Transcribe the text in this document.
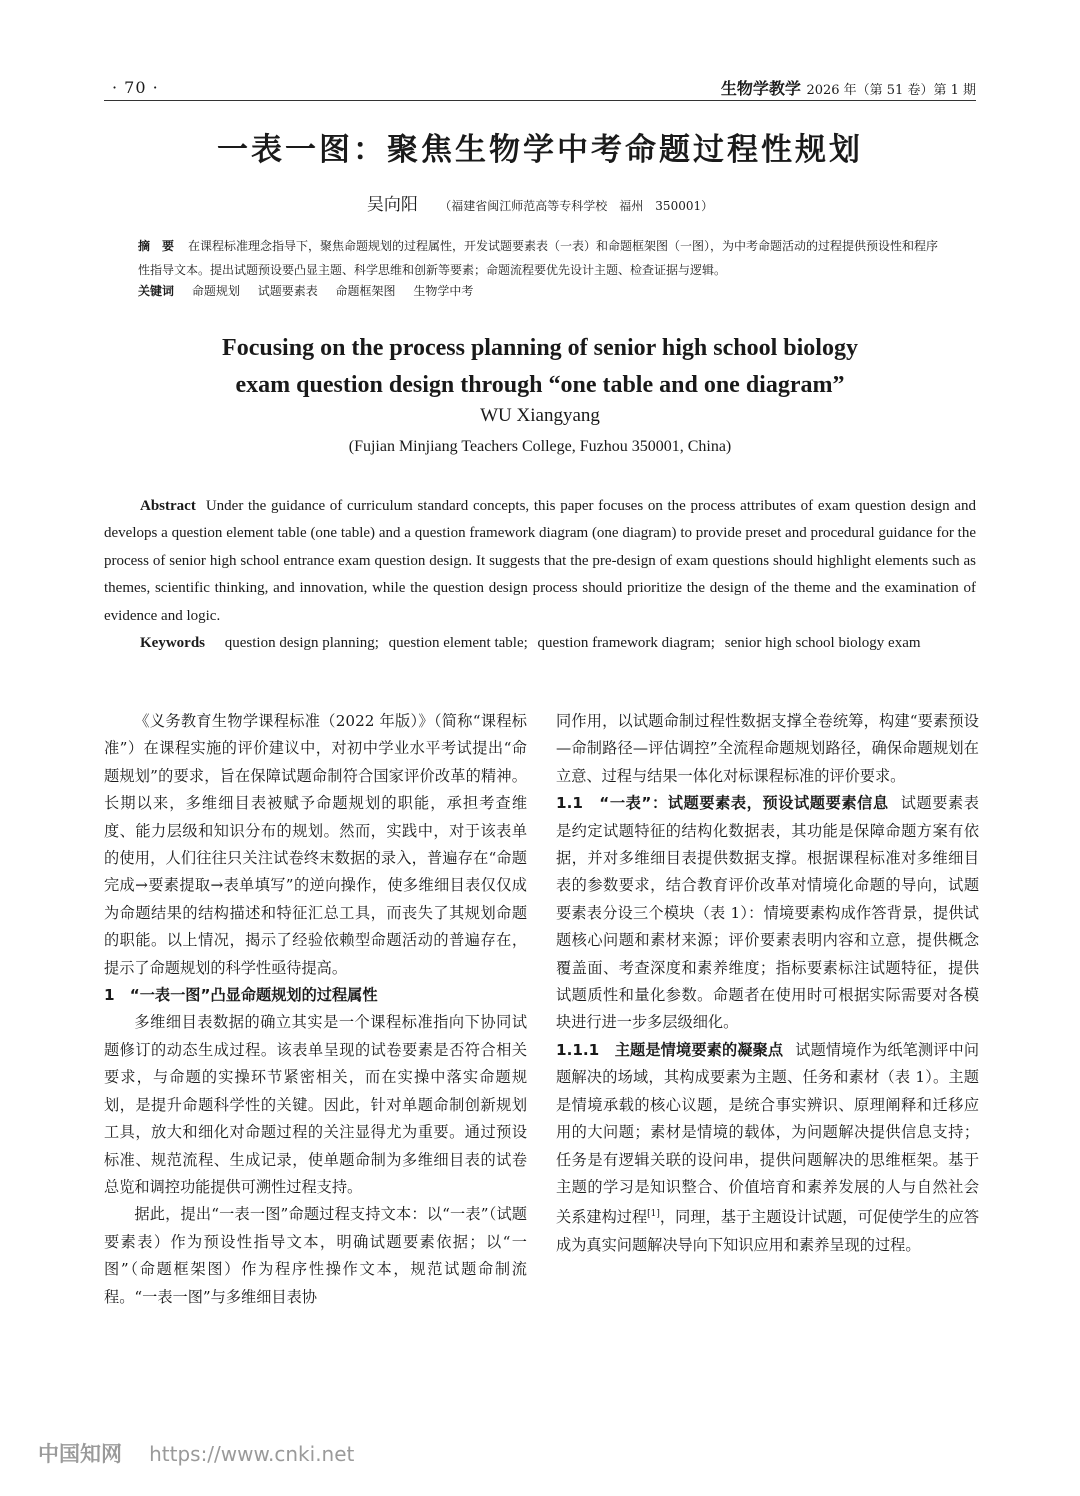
· 70 ·	生物学教学 2026 年（第 51 卷）第 1 期
一表一图：聚焦生物学中考命题过程性规划
吴向阳 （福建省闽江师范高等专科学校　福州　350001）
摘　要 在课程标准理念指导下，聚焦命题规划的过程属性，开发试题要素表（一表）和命题框架图（一图），为中考命题活动的过程提供预设性和程序性指导文本。提出试题预设要凸显主题、科学思维和创新等要素；命题流程要优先设计主题、检查证据与逻辑。
关键词 命题规划 试题要素表 命题框架图 生物学中考
Focusing on the process planning of senior high school biology
exam question design through “one table and one diagram”
WU Xiangyang
(Fujian Minjiang Teachers College, Fuzhou 350001, China)
Abstract Under the guidance of curriculum standard concepts, this paper focuses on the process attributes of exam question design and develops a question element table (one table) and a question framework diagram (one diagram) to provide preset and procedural guidance for the process of senior high school entrance exam question design. It suggests that the pre-design of exam questions should highlight elements such as themes, scientific thinking, and innovation, while the question design process should prioritize the design of the theme and the examination of evidence and logic.
Keywords question design planning; question element table; question framework diagram; senior high school biology exam

《义务教育生物学课程标准（2022 年版）》（简称“课程标准”）在课程实施的评价建议中，对初中学业水平考试提出“命题规划”的要求，旨在保障试题命制符合国家评价改革的精神。长期以来，多维细目表被赋予命题规划的职能，承担考查维度、能力层级和知识分布的规划。然而，实践中，对于该表单的使用，人们往往只关注试卷终末数据的录入，普遍存在“命题完成→要素提取→表单填写”的逆向操作，使多维细目表仅仅成为命题结果的结构描述和特征汇总工具，而丧失了其规划命题的职能。以上情况，揭示了经验依赖型命题活动的普遍存在，提示了命题规划的科学性亟待提高。

1　“一表一图”凸显命题规划的过程属性

多维细目表数据的确立其实是一个课程标准指向下协同试题修订的动态生成过程。该表单呈现的试卷要素是否符合相关要求，与命题的实操环节紧密相关，而在实操中落实命题规划，是提升命题科学性的关键。因此，针对单题命制创新规划工具，放大和细化对命题过程的关注显得尤为重要。通过预设标准、规范流程、生成记录，使单题命制为多维细目表的试卷总览和调控功能提供可溯性过程支持。

据此，提出“一表一图”命题过程支持文本：以“一表”（试题要素表）作为预设性指导文本，明确试题要素依据；以“一图”（命题框架图）作为程序性操作文本，规范试题命制流程。“一表一图”与多维细目表协

同作用，以试题命制过程性数据支撑全卷统筹，构建“要素预设—命制路径—评估调控”全流程命题规划路径，确保命题规划在立意、过程与结果一体化对标课程标准的评价要求。

1.1　“一表”：试题要素表，预设试题要素信息 试题要素表是约定试题特征的结构化数据表，其功能是保障命题方案有依据，并对多维细目表提供数据支撑。根据课程标准对多维细目表的参数要求，结合教育评价改革对情境化命题的导向，试题要素表分设三个模块（表 1）：情境要素构成作答背景，提供试题核心问题和素材来源；评价要素表明内容和立意，提供概念覆盖面、考查深度和素养维度；指标要素标注试题特征，提供试题质性和量化参数。命题者在使用时可根据实际需要对各模块进行进一步多层级细化。

1.1.1　主题是情境要素的凝聚点 试题情境作为纸笔测评中问题解决的场域，其构成要素为主题、任务和素材（表 1）。主题是情境承载的核心议题，是统合事实辨识、原理阐释和迁移应用的大问题；素材是情境的载体，为问题解决提供信息支持；任务是有逻辑关联的设问串，提供问题解决的思维框架。基于主题的学习是知识整合、价值培育和素养发展的人与自然社会关系建构过程[1]，同理，基于主题设计试题，可促使学生的应答成为真实问题解决导向下知识应用和素养呈现的过程。

中国知网 https://www.cnki.net
